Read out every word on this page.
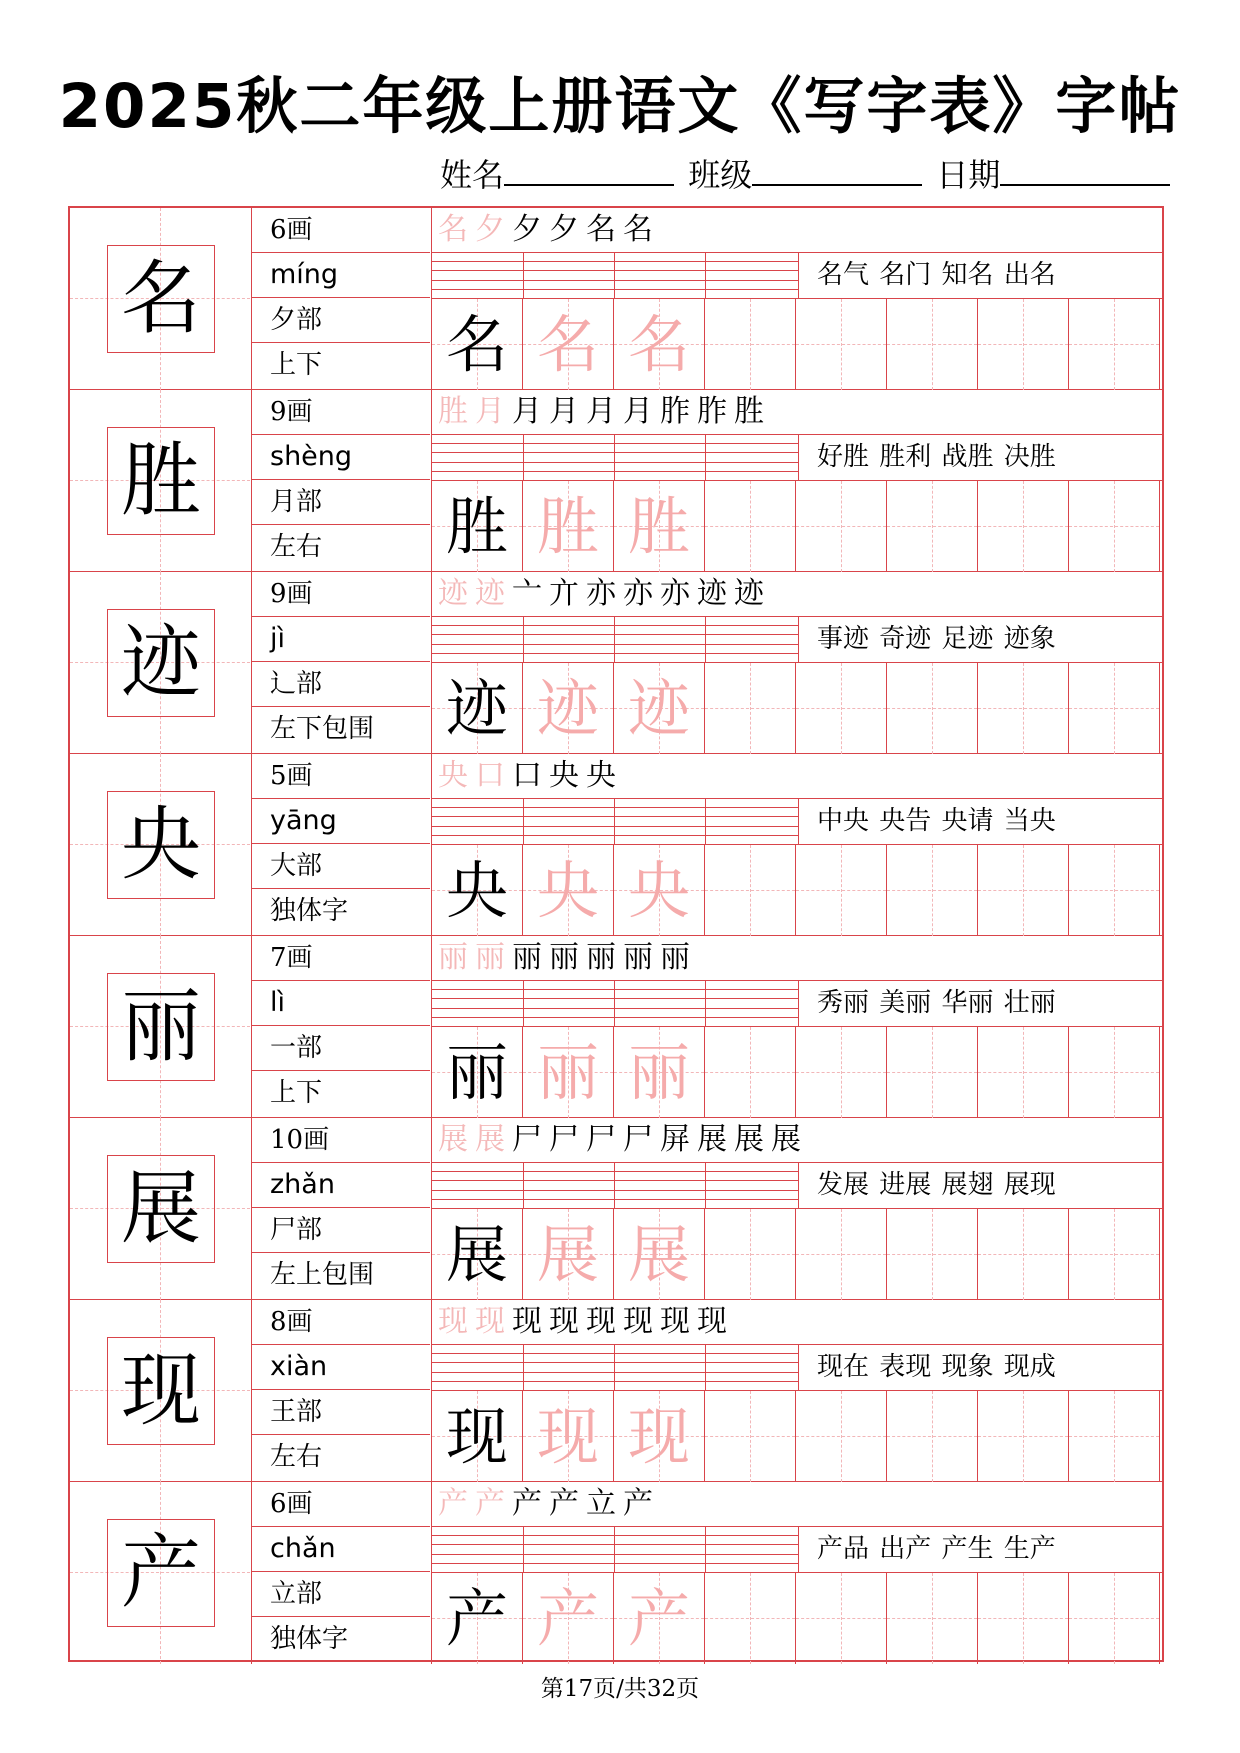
2025秋二年级上册语文《写字表》字帖
姓名	班级	日期
名
6画
míng
夕部
上下
名 夕 夕 夕 名 名
名气 名门 知名 出名
名 名 名
胜
9画
shèng
月部
左右
胜 月 月 月 月 月 胙 胙 胜
好胜 胜利 战胜 决胜
胜 胜 胜
迹
9画
jì
辶部
左下包围
迹 迹 亠 亣 亦 亦 亦 迹 迹
事迹 奇迹 足迹 迹象
迹 迹 迹
央
5画
yāng
大部
独体字
央 口 口 央 央
中央 央告 央请 当央
央 央 央
丽
7画
lì
一部
上下
丽 丽 丽 丽 丽 丽 丽
秀丽 美丽 华丽 壮丽
丽 丽 丽
展
10画
zhǎn
尸部
左上包围
展 展 尸 尸 尸 尸 屏 展 展 展
发展 进展 展翅 展现
展 展 展
现
8画
xiàn
王部
左右
现 现 现 现 现 现 现 现
现在 表现 现象 现成
现 现 现
产
6画
chǎn
立部
独体字
产 产 产 产 立 产
产品 出产 产生 生产
产 产 产
第17页/共32页
